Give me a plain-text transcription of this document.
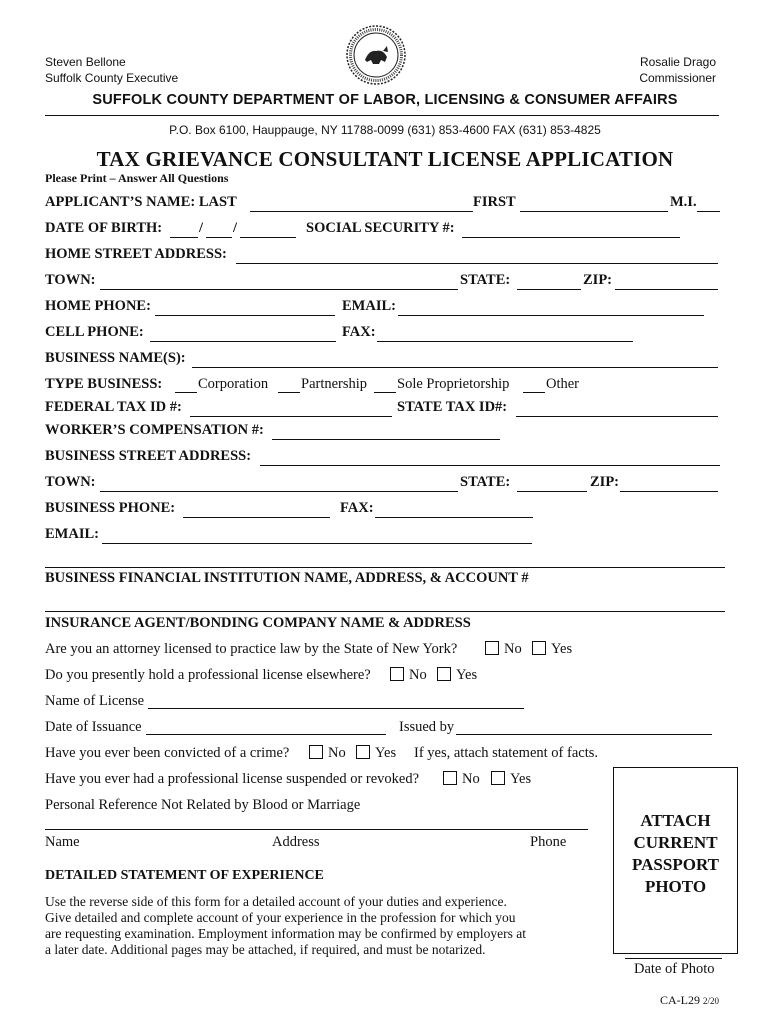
Steven Bellone
Suffolk County Executive
Rosalie Drago
Commissioner
SUFFOLK COUNTY DEPARTMENT OF LABOR, LICENSING & CONSUMER AFFAIRS
P.O. Box 6100, Hauppauge, NY 11788-0099 (631) 853-4600 FAX (631) 853-4825
TAX GRIEVANCE CONSULTANT LICENSE APPLICATION
Please Print – Answer All Questions
APPLICANT’S NAME: LAST	FIRST	M.I.
DATE OF BIRTH:	/ /	SOCIAL SECURITY #:
HOME STREET ADDRESS:
TOWN:	STATE:	ZIP:
HOME PHONE:	EMAIL:
CELL PHONE:	FAX:
BUSINESS NAME(S):
TYPE BUSINESS: Corporation Partnership Sole Proprietorship	Other
FEDERAL TAX ID #:	STATE TAX ID#:
WORKER’S COMPENSATION #:
BUSINESS STREET ADDRESS:
TOWN:	STATE:	ZIP:
BUSINESS PHONE:	FAX:
EMAIL:
BUSINESS FINANCIAL INSTITUTION NAME, ADDRESS, & ACCOUNT #
INSURANCE AGENT/BONDING COMPANY NAME & ADDRESS
Are you an attorney licensed to practice law by the State of New York?	No Yes
Do you presently hold a professional license elsewhere?	No Yes
Name of License
Date of Issuance	Issued by
Have you ever been convicted of a crime?	No Yes If yes, attach statement of facts.
Have you ever had a professional license suspended or revoked?	No Yes
Personal Reference Not Related by Blood or Marriage
Name	Address	Phone
DETAILED STATEMENT OF EXPERIENCE
Use the reverse side of this form for a detailed account of your duties and experience.
Give detailed and complete account of your experience in the profession for which you
are requesting examination. Employment information may be confirmed by employers at
a later date. Additional pages may be attached, if required, and must be notarized.
ATTACH
CURRENT
PASSPORT
PHOTO
Date of Photo
CA-L29 2/20
